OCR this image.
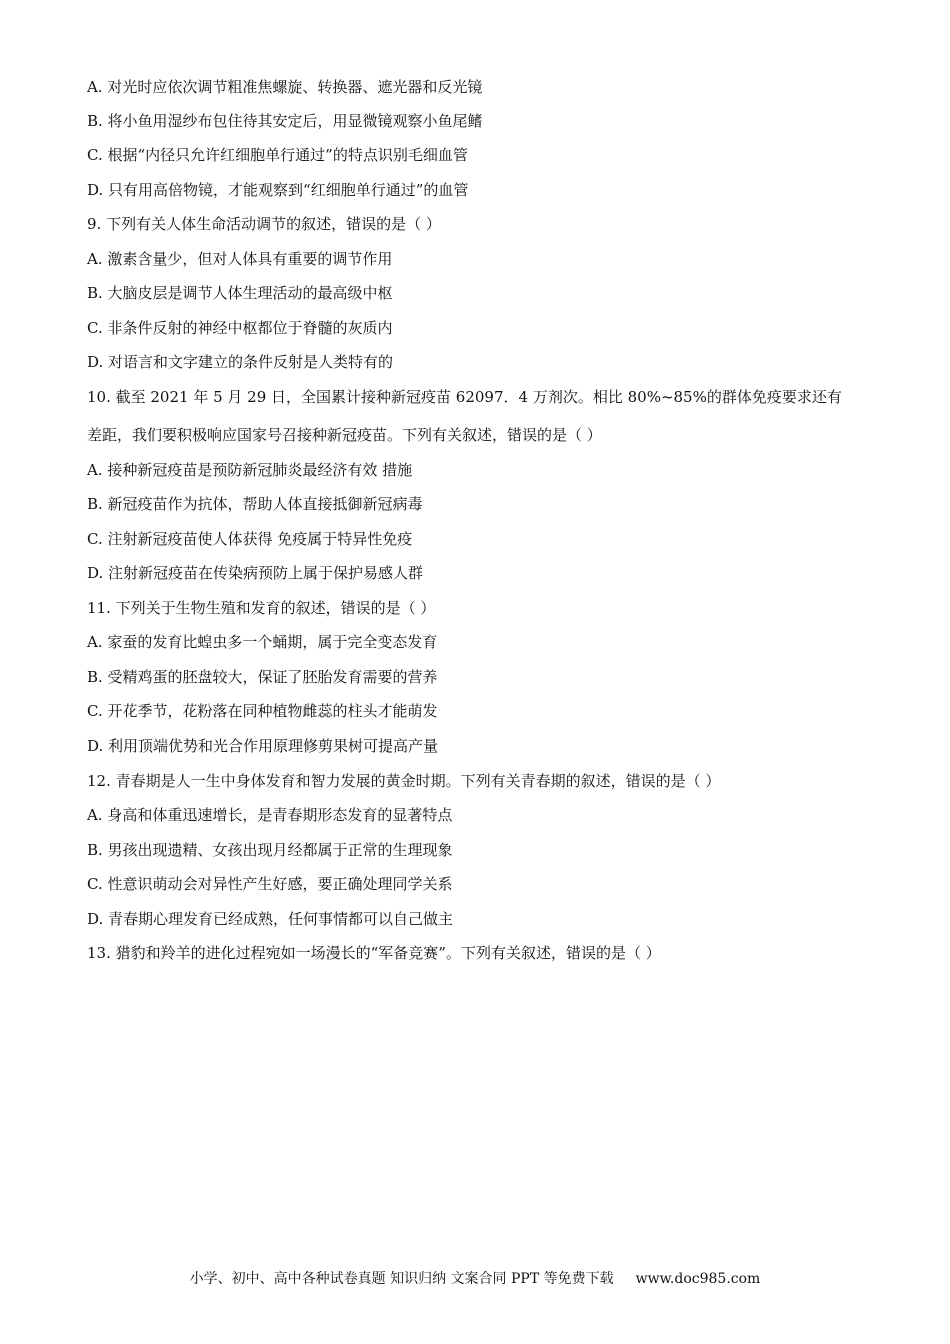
A. 对光时应依次调节粗准焦螺旋、转换器、遮光器和反光镜
B. 将小鱼用湿纱布包住待其安定后，用显微镜观察小鱼尾鳍
C. 根据“内径只允许红细胞单行通过”的特点识别毛细血管
D. 只有用高倍物镜，才能观察到“红细胞单行通过”的血管
9. 下列有关人体生命活动调节的叙述，错误的是（ ）
A. 激素含量少，但对人体具有重要的调节作用
B. 大脑皮层是调节人体生理活动的最高级中枢
C. 非条件反射的神经中枢都位于脊髓的灰质内
D. 对语言和文字建立的条件反射是人类特有的
10. 截至 2021 年 5 月 29 日，全国累计接种新冠疫苗 62097．4 万剂次。相比 80%~85%的群体免疫要求还有
差距，我们要积极响应国家号召接种新冠疫苗。下列有关叙述，错误的是（ ）
A. 接种新冠疫苗是预防新冠肺炎最经济有效 措施
B. 新冠疫苗作为抗体，帮助人体直接抵御新冠病毒
C. 注射新冠疫苗使人体获得 免疫属于特异性免疫
D. 注射新冠疫苗在传染病预防上属于保护易感人群
11. 下列关于生物生殖和发育的叙述，错误的是（ ）
A. 家蚕的发育比蝗虫多一个蛹期，属于完全变态发育
B. 受精鸡蛋的胚盘较大，保证了胚胎发育需要的营养
C. 开花季节，花粉落在同种植物雌蕊的柱头才能萌发
D. 利用顶端优势和光合作用原理修剪果树可提高产量
12. 青春期是人一生中身体发育和智力发展的黄金时期。下列有关青春期的叙述，错误的是（ ）
A. 身高和体重迅速增长，是青春期形态发育的显著特点
B. 男孩出现遗精、女孩出现月经都属于正常的生理现象
C. 性意识萌动会对异性产生好感，要正确处理同学关系
D. 青春期心理发育已经成熟，任何事情都可以自己做主
13. 猎豹和羚羊的进化过程宛如一场漫长的“军备竞赛”。下列有关叙述，错误的是（ ）
小学、初中、高中各种试卷真题 知识归纳 文案合同 PPT 等免费下载 www.doc985.com
